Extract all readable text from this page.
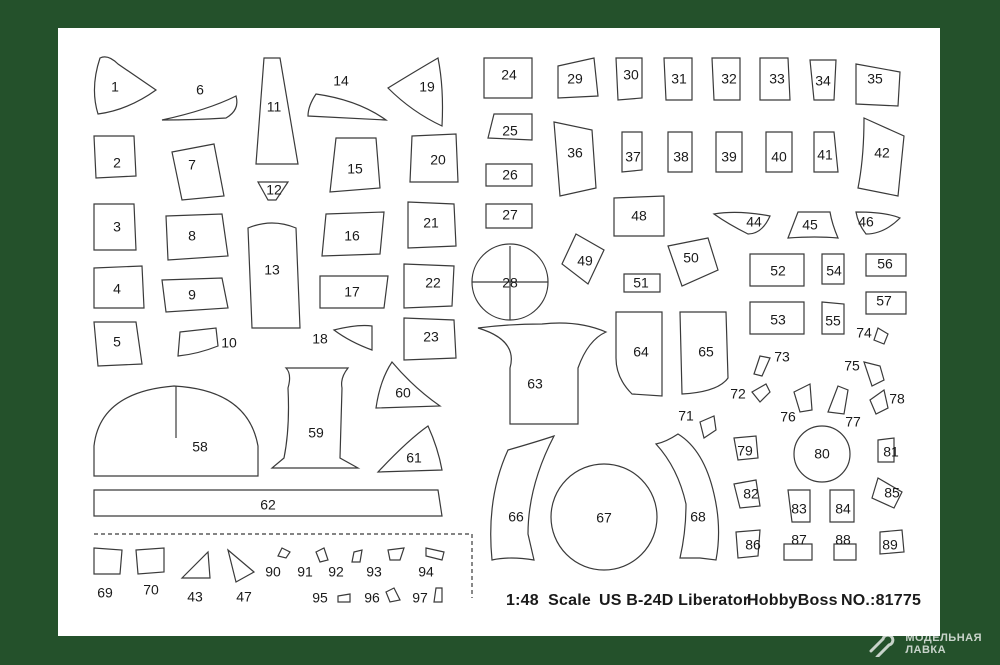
1
2
3
4
5
6
7
8
9
10
11
12
13
14	19
15
16
17
18
20
21
22
23
58
59
60
61
62
69 70 43 47
90 91 92 93	94
95	96 97
24
25
26
27
28
29
36
63
30 31 32 33 34	35
37 38 39 40 41	42
48
49	50
51
64	65
44	45	46
52	54	56
53	55
57
66	67	68
71
72
73
74
75
76	77
78
79	80	81
82
83 84
85
86 87 88 89
1:48 Scale US B-24D Liberator
HobbyBoss NO.:81775
МОДЕЛЬНАЯ
ЛАВКА
